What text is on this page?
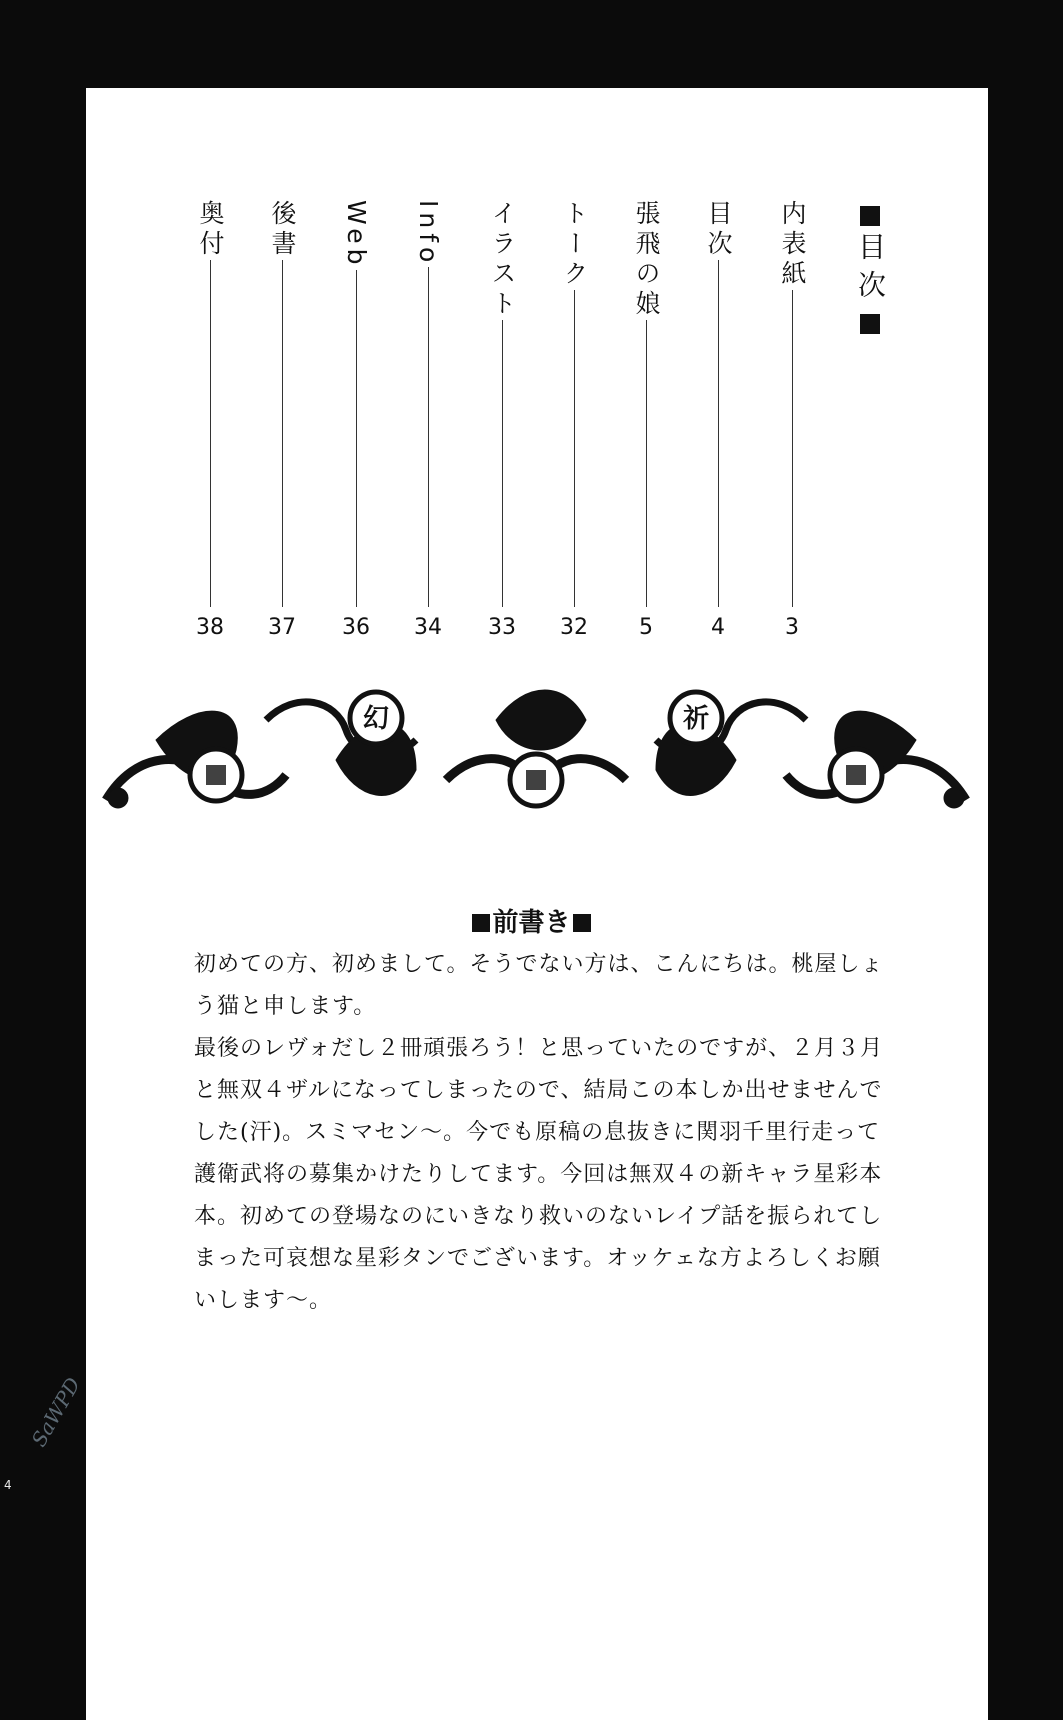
目
次
内表紙
3
目次
4
張飛の娘
5
トーク
32
イラスト
33
Info
34
Web
36
後書
37
奥付
38
幻	祈
前書き
初めての方、初めまして。そうでない方は、こんにちは。桃屋しょ
う猫と申します。
最後のレヴォだし２冊頑張ろう！と思っていたのですが、２月３月
と無双４ザルになってしまったので、結局この本しか出せませんで
した(汗)。スミマセン～。今でも原稿の息抜きに関羽千里行走って
護衛武将の募集かけたりしてます。今回は無双４の新キャラ星彩本
本。初めての登場なのにいきなり救いのないレイプ話を振られてし
まった可哀想な星彩タンでございます。オッケェな方よろしくお願
いします～。
SaWPD
4
